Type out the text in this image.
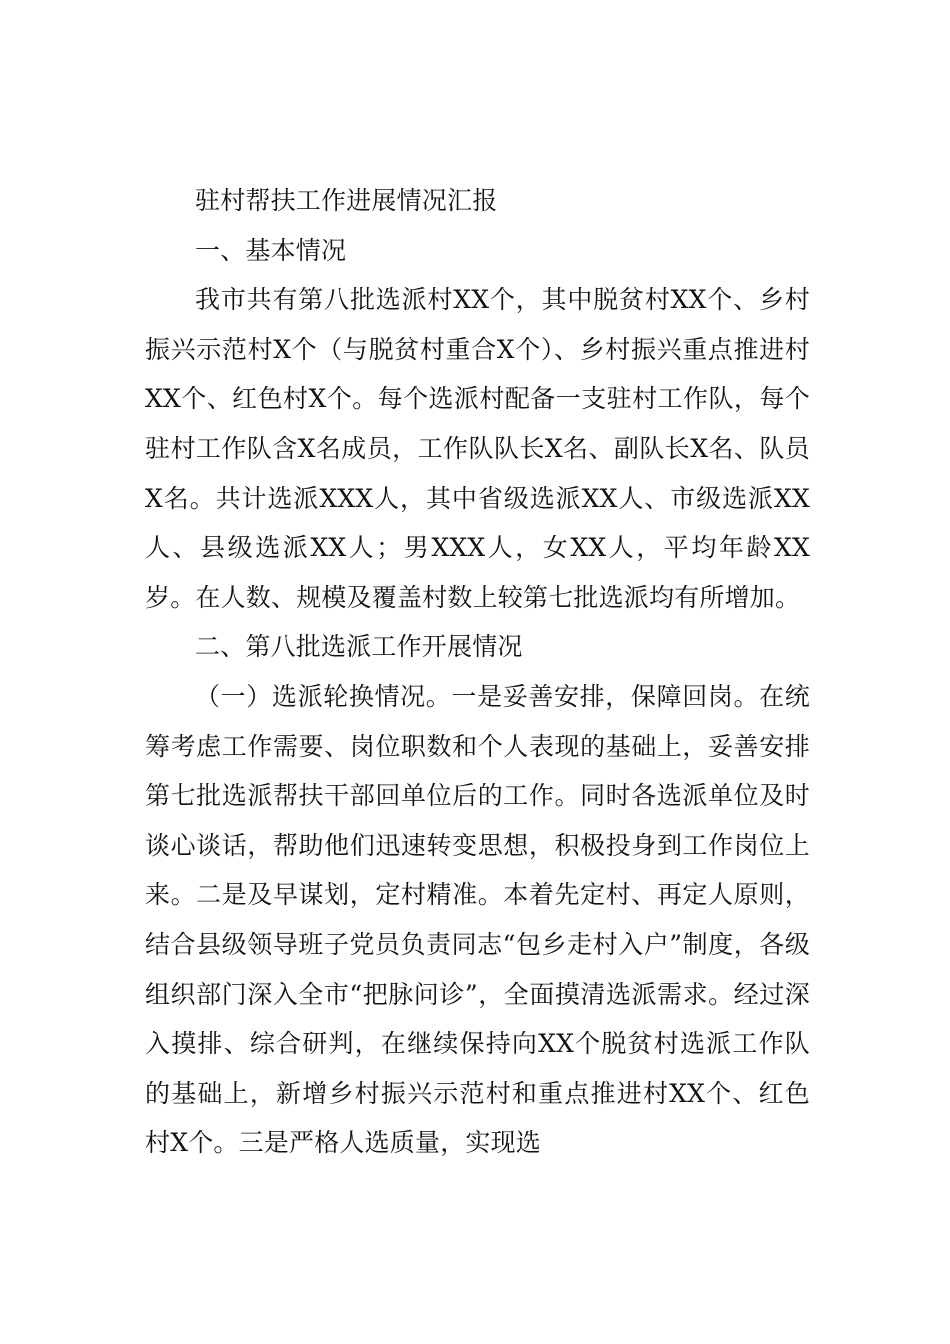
驻村帮扶工作进展情况汇报

一、基本情况

我市共有第八批选派村XX个，其中脱贫村XX个、乡村振兴示范村X个（与脱贫村重合X个）、乡村振兴重点推进村XX个、红色村X个。每个选派村配备一支驻村工作队，每个驻村工作队含X名成员，工作队队长X名、副队长X名、队员X名。共计选派XXX人，其中省级选派XX人、市级选派XX人、县级选派XX人；男XXX人，女XX人，平均年龄XX岁。在人数、规模及覆盖村数上较第七批选派均有所增加。

二、第八批选派工作开展情况

（一）选派轮换情况。一是妥善安排，保障回岗。在统筹考虑工作需要、岗位职数和个人表现的基础上，妥善安排第七批选派帮扶干部回单位后的工作。同时各选派单位及时谈心谈话，帮助他们迅速转变思想，积极投身到工作岗位上来。二是及早谋划，定村精准。本着先定村、再定人原则，结合县级领导班子党员负责同志“包乡走村入户”制度，各级组织部门深入全市“把脉问诊”，全面摸清选派需求。经过深入摸排、综合研判，在继续保持向XX个脱贫村选派工作队的基础上，新增乡村振兴示范村和重点推进村XX个、红色村X个。三是严格人选质量，实现选
